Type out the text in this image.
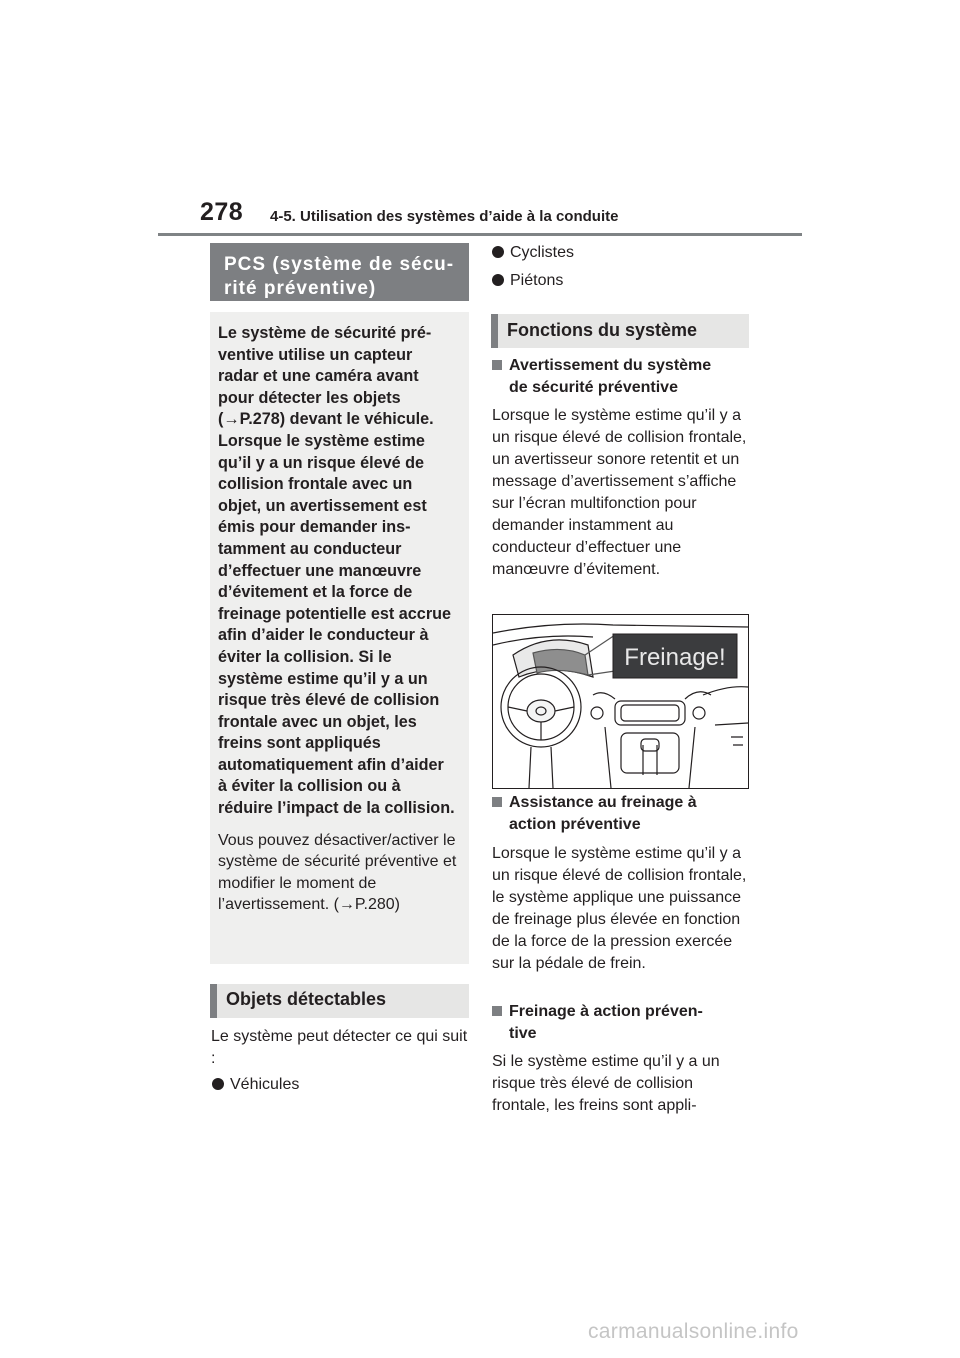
278 4-5. Utilisation des systèmes d’aide à la conduite
PCS (système de sécu-
rité préventive)

Le système de sécurité préventive utilise un capteur radar et une caméra avant pour détecter les objets (→P.278) devant le véhicule. Lorsque le système estime qu’il y a un risque élevé de collision frontale avec un objet, un avertissement est émis pour demander instamment au conducteur d’effectuer une manœuvre d’évitement et la force de freinage potentielle est accrue afin d’aider le conducteur à éviter la collision. Si le système estime qu’il y a un risque très élevé de collision frontale avec un objet, les freins sont appliqués automatiquement afin d’aider à éviter la collision ou à réduire l’impact de la collision.

Vous pouvez désactiver/activer le système de sécurité préventive et modifier le moment de l’avertissement. (→P.280)

Objets détectables

Le système peut détecter ce qui suit :

Véhicules
Cyclistes
Piétons
Fonctions du système
Avertissement du système
de sécurité préventive

Lorsque le système estime qu’il y a un risque élevé de collision frontale, un avertisseur sonore retentit et un message d’avertissement s’affiche sur l’écran multifonction pour demander instamment au conducteur d’effectuer une manœuvre d’évitement.

Freinage!
Assistance au freinage à
action préventive

Lorsque le système estime qu’il y a un risque élevé de collision frontale, le système applique une puissance de freinage plus élevée en fonction de la force de la pression exercée sur la pédale de frein.

Freinage à action préven-
tive

Si le système estime qu’il y a un risque très élevé de collision frontale, les freins sont appli-

carmanualsonline.info
